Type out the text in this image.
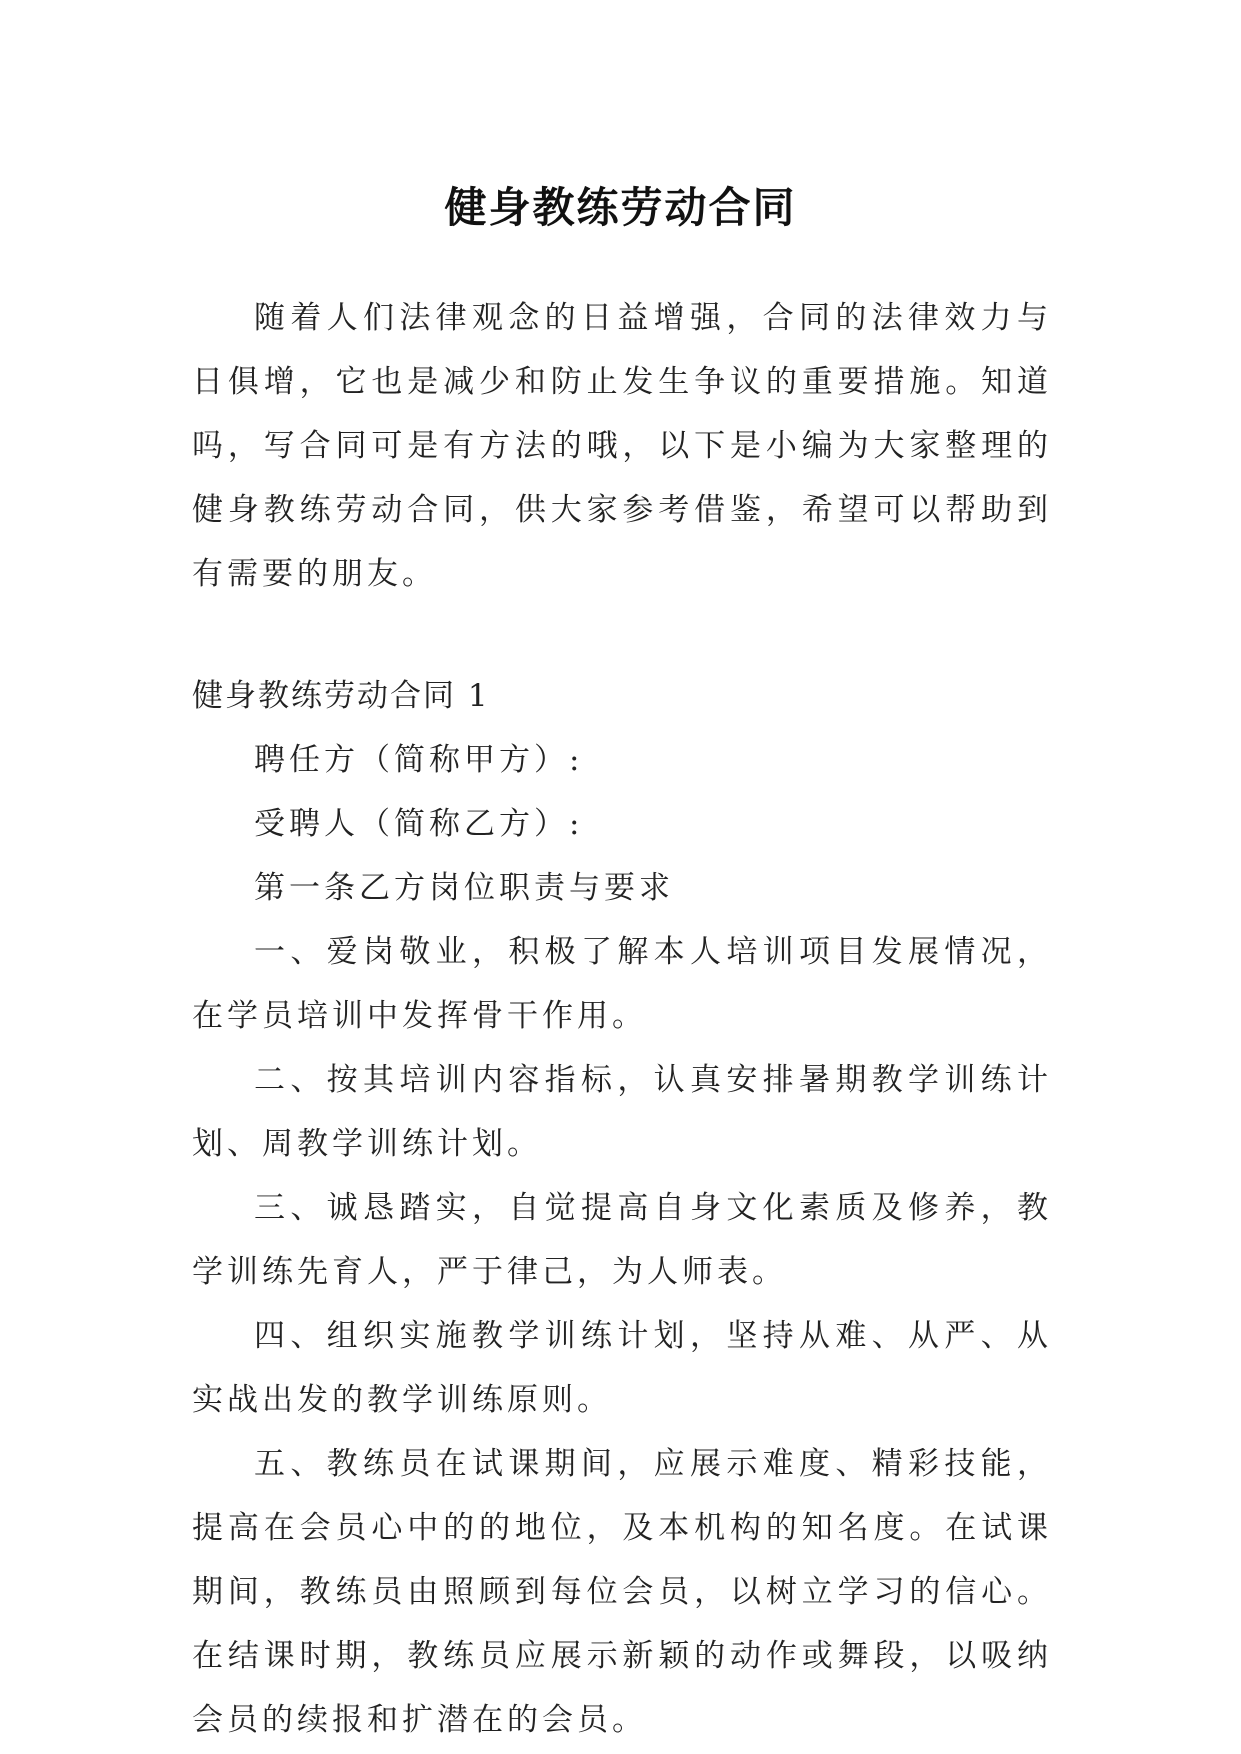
健身教练劳动合同

随着人们法律观念的日益增强，合同的法律效力与日俱增，它也是减少和防止发生争议的重要措施。知道吗，写合同可是有方法的哦，以下是小编为大家整理的健身教练劳动合同，供大家参考借鉴，希望可以帮助到有需要的朋友。

健身教练劳动合同 1

聘任方（简称甲方）:

受聘人（简称乙方）:

第一条乙方岗位职责与要求

一、爱岗敬业，积极了解本人培训项目发展情况，在学员培训中发挥骨干作用。

二、按其培训内容指标，认真安排暑期教学训练计划、周教学训练计划。

三、诚恳踏实，自觉提高自身文化素质及修养，教学训练先育人，严于律己，为人师表。

四、组织实施教学训练计划，坚持从难、从严、从实战出发的教学训练原则。

五、教练员在试课期间，应展示难度、精彩技能，提高在会员心中的的地位，及本机构的知名度。在试课期间，教练员由照顾到每位会员，以树立学习的信心。在结课时期，教练员应展示新颖的动作或舞段，以吸纳会员的续报和扩潜在的会员。
